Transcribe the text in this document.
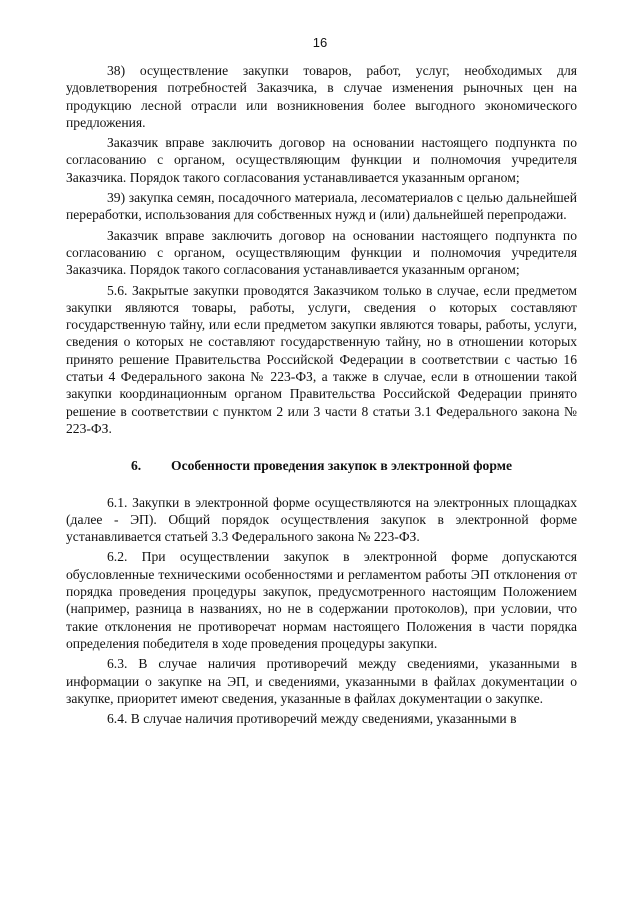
16

38) осуществление закупки товаров, работ, услуг, необходимых для удовлетворения потребностей Заказчика, в случае изменения рыночных цен на продукцию лесной отрасли или возникновения более выгодного экономического предложения.

Заказчик вправе заключить договор на основании настоящего подпункта по согласованию с органом, осуществляющим функции и полномочия учредителя Заказчика. Порядок такого согласования устанавливается указанным органом;

39) закупка семян, посадочного материала, лесоматериалов с целью дальнейшей переработки, использования для собственных нужд и (или) дальнейшей перепродажи.

Заказчик вправе заключить договор на основании настоящего подпункта по согласованию с органом, осуществляющим функции и полномочия учредителя Заказчика. Порядок такого согласования устанавливается указанным органом;

5.6. Закрытые закупки проводятся Заказчиком только в случае, если предметом закупки являются товары, работы, услуги, сведения о которых составляют государственную тайну, или если предметом закупки являются товары, работы, услуги, сведения о которых не составляют государственную тайну, но в отношении которых принято решение Правительства Российской Федерации в соответствии с частью 16 статьи 4 Федерального закона № 223-ФЗ, а также в случае, если в отношении такой закупки координационным органом Правительства Российской Федерации принято решение в соответствии с пунктом 2 или 3 части 8 статьи 3.1 Федерального закона № 223-ФЗ.

6. Особенности проведения закупок в электронной форме

6.1. Закупки в электронной форме осуществляются на электронных площадках (далее - ЭП). Общий порядок осуществления закупок в электронной форме устанавливается статьей 3.3 Федерального закона № 223-ФЗ.

6.2. При осуществлении закупок в электронной форме допускаются обусловленные техническими особенностями и регламентом работы ЭП отклонения от порядка проведения процедуры закупок, предусмотренного настоящим Положением (например, разница в названиях, но не в содержании протоколов), при условии, что такие отклонения не противоречат нормам настоящего Положения в части порядка определения победителя в ходе проведения процедуры закупки.

6.3. В случае наличия противоречий между сведениями, указанными в информации о закупке на ЭП, и сведениями, указанными в файлах документации о закупке, приоритет имеют сведения, указанные в файлах документации о закупке.

6.4. В случае наличия противоречий между сведениями, указанными в
